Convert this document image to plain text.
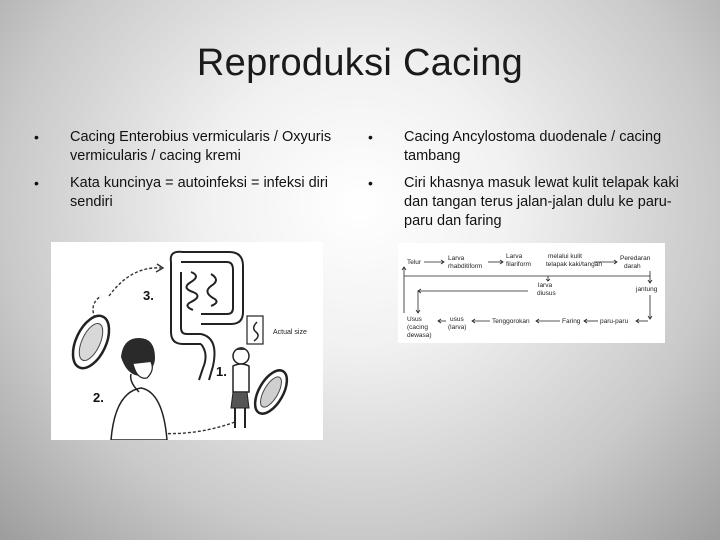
Reproduksi Cacing
• Cacing Enterobius vermicularis / Oxyuris vermicularis / cacing kremi
• Kata kuncinya = autoinfeksi = infeksi diri sendiri
• Cacing Ancylostoma duodenale / cacing tambang
• Ciri khasnya masuk lewat kulit telapak kaki dan tangan terus jalan-jalan dulu ke paru-paru dan faring
3.
1.
2.
Actual size
Telur
Larva
rhabditiform
Larva
filariform
melalui kulit
telapak kaki/tangan
Peredaran
darah
jantung
larva
diusus
Usus
(cacing
dewasa)
usus
(larva)
Tenggorokan	Faring	paru-paru
